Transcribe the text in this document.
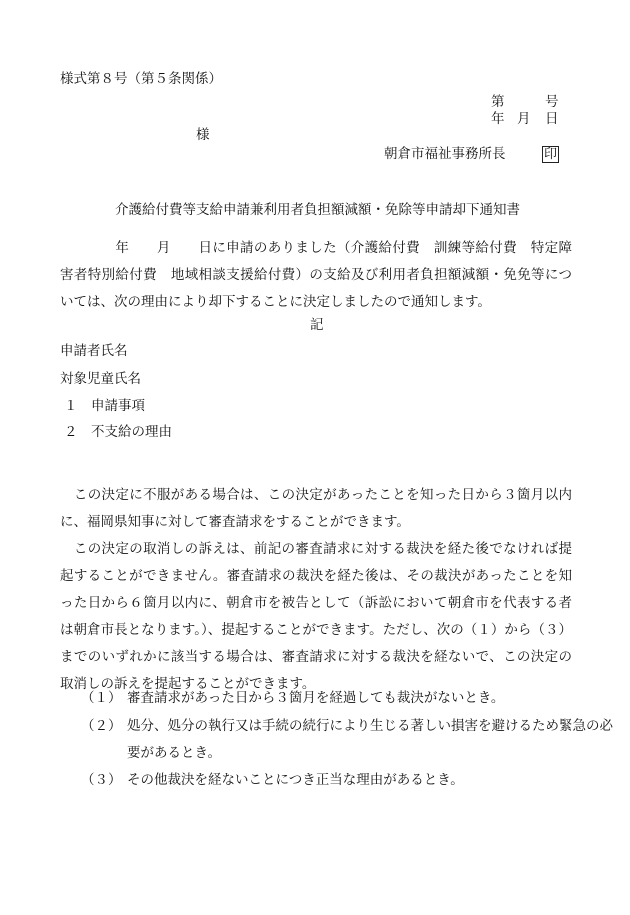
様式第８号（第５条関係）
第	号
年 月 日
様
朝倉市福祉事務所長	印
介護給付費等支給申請兼利用者負担額減額・免除等申請却下通知書
　　　　年　　月　　日に申請のありました（介護給付費　訓練等給付費　特定障害者特別給付費　地域相談支援給付費）の支給及び利用者負担額減額・免免等については、次の理由により却下することに決定しましたので通知します。
記
申請者氏名
対象児童氏名
１　申請事項
２　不支給の理由
　この決定に不服がある場合は、この決定があったことを知った日から３箇月以内に、福岡県知事に対して審査請求をすることができます。
　この決定の取消しの訴えは、前記の審査請求に対する裁決を経た後でなければ提起することができません。審査請求の裁決を経た後は、その裁決があったことを知った日から６箇月以内に、朝倉市を被告として（訴訟において朝倉市を代表する者は朝倉市長となります。）、提起することができます。ただし、次の（１）から（３）までのいずれかに該当する場合は、審査請求に対する裁決を経ないで、この決定の取消しの訴えを提起することができます。
（１） 審査請求があった日から３箇月を経過しても裁決がないとき。
（２） 処分、処分の執行又は手続の続行により生じる著しい損害を避けるため緊急の必要があるとき。
（３） その他裁決を経ないことにつき正当な理由があるとき。
